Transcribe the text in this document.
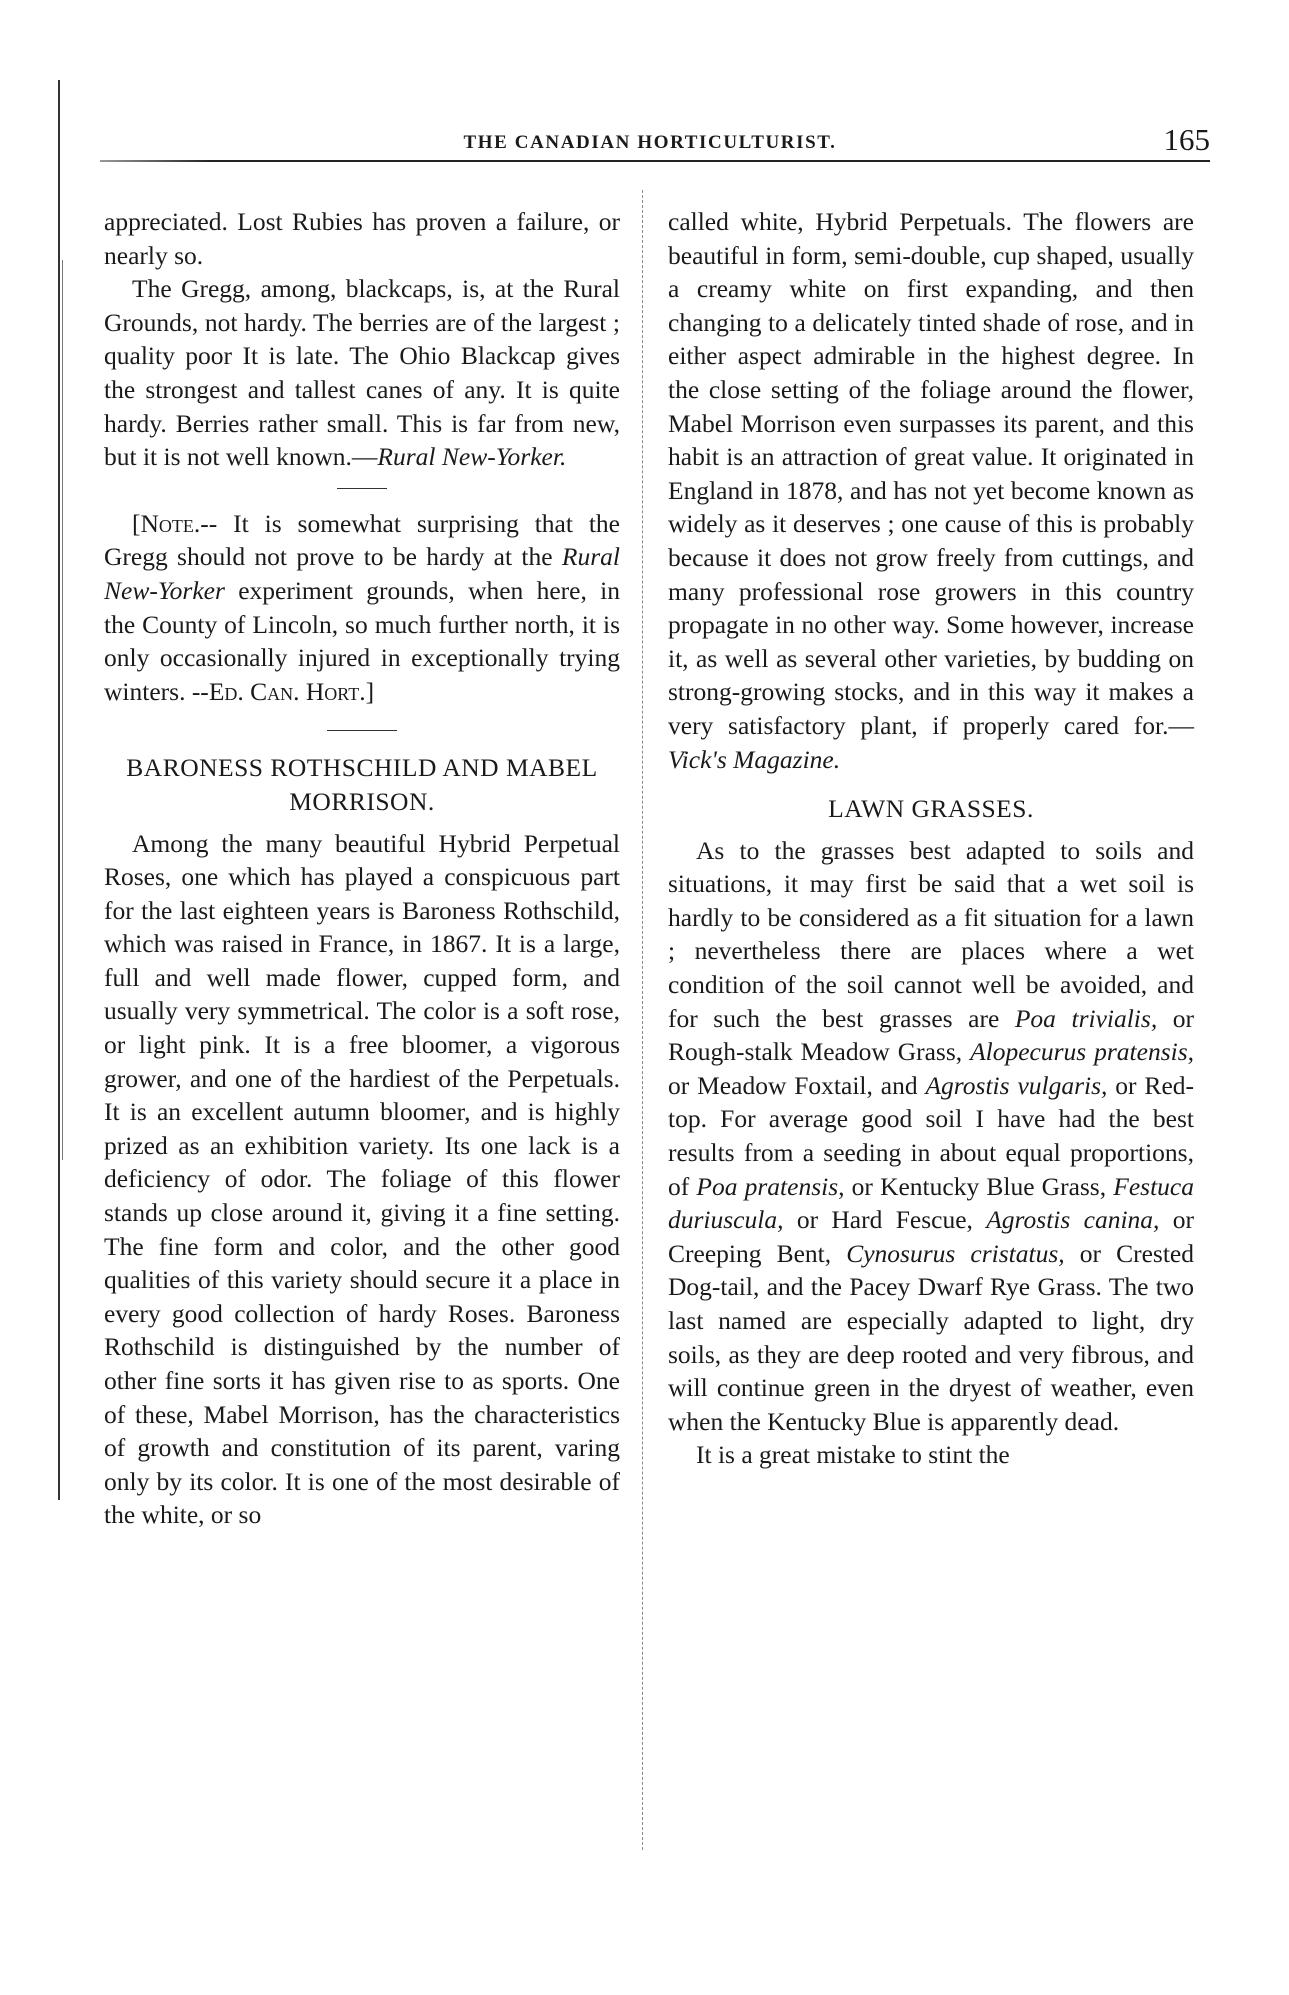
THE CANADIAN HORTICULTURIST.	165

appreciated. Lost Rubies has proven a failure, or nearly so.

The Gregg, among, blackcaps, is, at the Rural Grounds, not hardy. The berries are of the largest ; quality poor It is late. The Ohio Blackcap gives the strongest and tallest canes of any. It is quite hardy. Berries rather small. This is far from new, but it is not well known.—Rural New-Yorker.

[Note.-- It is somewhat surprising that the Gregg should not prove to be hardy at the Rural New-Yorker experiment grounds, when here, in the County of Lincoln, so much further north, it is only occasionally injured in exceptionally trying winters. --Ed. Can. Hort.]

BARONESS ROTHSCHILD AND MABEL MORRISON.

Among the many beautiful Hybrid Perpetual Roses, one which has played a conspicuous part for the last eighteen years is Baroness Rothschild, which was raised in France, in 1867. It is a large, full and well made flower, cupped form, and usually very symmetrical. The color is a soft rose, or light pink. It is a free bloomer, a vigorous grower, and one of the hardiest of the Perpetuals. It is an excellent autumn bloomer, and is highly prized as an exhibition variety. Its one lack is a deficiency of odor. The foliage of this flower stands up close around it, giving it a fine setting. The fine form and color, and the other good qualities of this variety should secure it a place in every good collection of hardy Roses. Baroness Rothschild is distinguished by the number of other fine sorts it has given rise to as sports. One of these, Mabel Morrison, has the characteristics of growth and constitution of its parent, varing only by its color. It is one of the most desirable of the white, or so

called white, Hybrid Perpetuals. The flowers are beautiful in form, semi-double, cup shaped, usually a creamy white on first expanding, and then changing to a delicately tinted shade of rose, and in either aspect admirable in the highest degree. In the close setting of the foliage around the flower, Mabel Morrison even surpasses its parent, and this habit is an attraction of great value. It originated in England in 1878, and has not yet become known as widely as it deserves ; one cause of this is probably because it does not grow freely from cuttings, and many professional rose growers in this country propagate in no other way. Some however, increase it, as well as several other varieties, by budding on strong-growing stocks, and in this way it makes a very satisfactory plant, if properly cared for.—Vick's Magazine.

LAWN GRASSES.

As to the grasses best adapted to soils and situations, it may first be said that a wet soil is hardly to be considered as a fit situation for a lawn ; nevertheless there are places where a wet condition of the soil cannot well be avoided, and for such the best grasses are Poa trivialis, or Rough-stalk Meadow Grass, Alopecurus pratensis, or Meadow Foxtail, and Agrostis vulgaris, or Red-top. For average good soil I have had the best results from a seeding in about equal proportions, of Poa pratensis, or Kentucky Blue Grass, Festuca duriuscula, or Hard Fescue, Agrostis canina, or Creeping Bent, Cynosurus cristatus, or Crested Dog-tail, and the Pacey Dwarf Rye Grass. The two last named are especially adapted to light, dry soils, as they are deep rooted and very fibrous, and will continue green in the dryest of weather, even when the Kentucky Blue is apparently dead.

It is a great mistake to stint the
